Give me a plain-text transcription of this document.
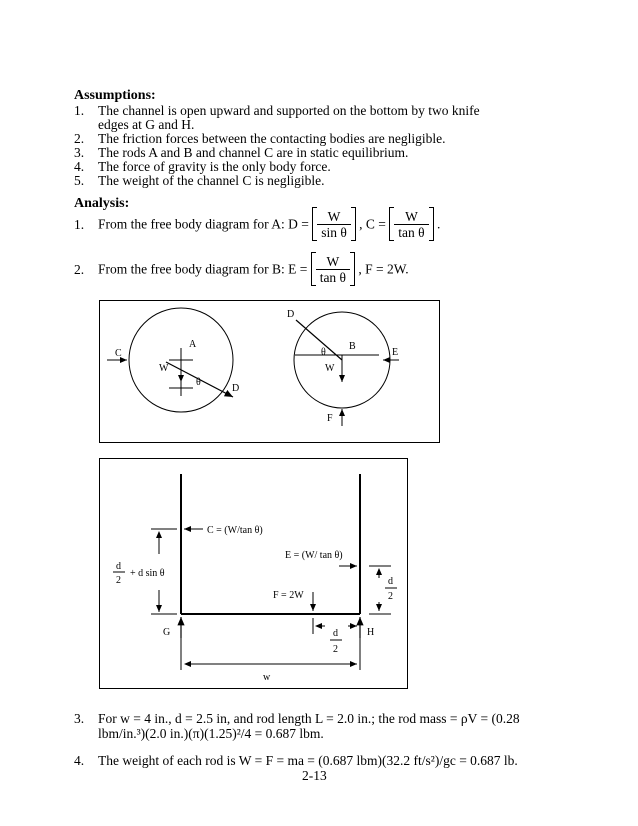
Assumptions:
1. The channel is open upward and supported on the bottom by two knife
edges at G and H.
2. The friction forces between the contacting bodies are negligible.
3. The rods A and B and channel C are in static equilibrium.
4. The force of gravity is the only body force.
5. The weight of the channel C is negligible.
Analysis:
1. From the free body diagram for A: $D = \frac{W}{\text{sin θ}}$ , $C = \frac{W}{\text{tan θ}}$ .
2. From the free body diagram for B: $E = \frac{W}{\text{tan θ}}$ , F = 2W.
C
A
W
θ
D
D
θ
B
W
E
F
C = (W/tan θ)
E = (W/ tan θ)
F = 2W
d
2
+ d sin θ
d
2
G	H
d
2
w
3. For w = 4 in., d = 2.5 in, and rod length L = 2.0 in.; the rod mass = ρV = (0.28
lbm/in.³)(2.0 in.)(π)(1.25)²/4 = 0.687 lbm.
4. The weight of each rod is W = F = ma = (0.687 lbm)(32.2 ft/s²)/gc = 0.687 lb.
2-13
